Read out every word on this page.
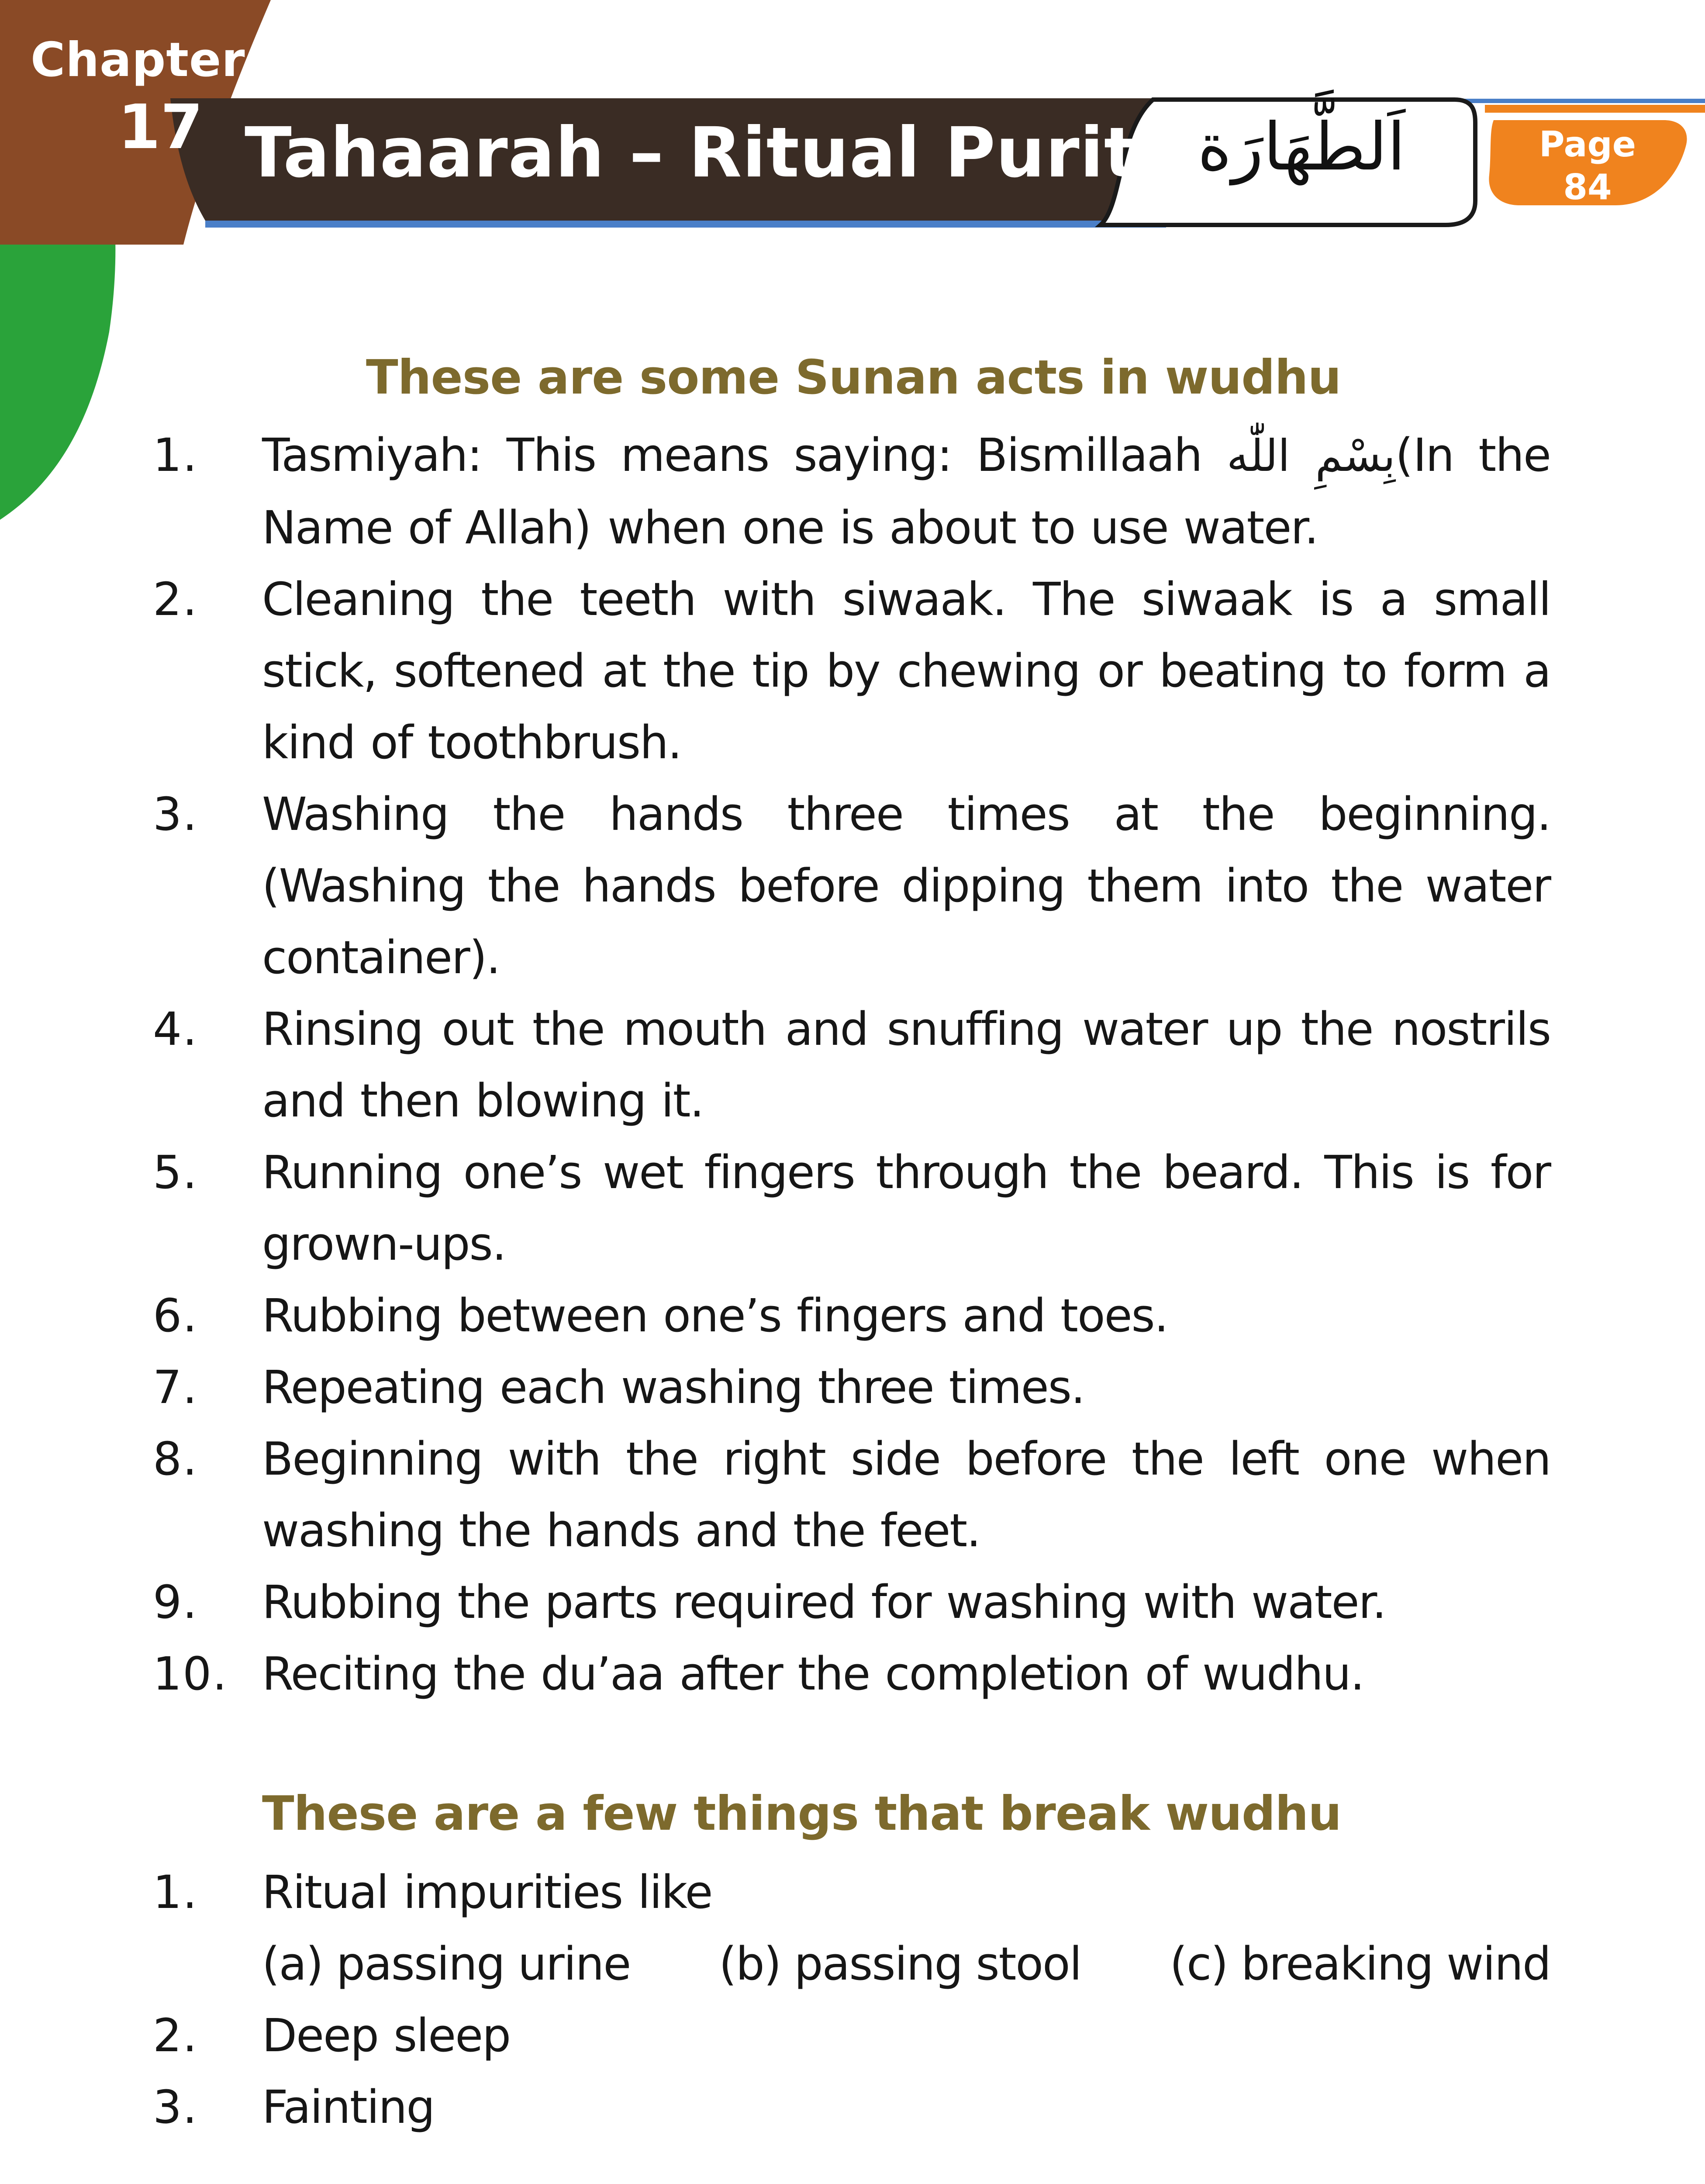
Chapter
17 Tahaarah – Ritual Purity اَلطَّهَارَة	Page
84
These are some Sunan acts in wudhu
1. Tasmiyah: This means saying: Bismillaah بِسْمِ اللّٰه(In the Name of Allah) when one is about to use water.
2. Cleaning the teeth with siwaak. The siwaak is a small stick, softened at the tip by chewing or beating to form a kind of toothbrush.
3. Washing the hands three times at the beginning. (Washing the hands before dipping them into the water container).
4. Rinsing out the mouth and snuffing water up the nostrils and then blowing it.
5. Running one’s wet fingers through the beard. This is for grown-ups.
6. Rubbing between one’s fingers and toes.
7. Repeating each washing three times.
8. Beginning with the right side before the left one when washing the hands and the feet.
9. Rubbing the parts required for washing with water.
10. Reciting the du’aa after the completion of wudhu.
These are a few things that break wudhu
1. Ritual impurities like
(a) passing urine (b) passing stool (c) breaking wind
2. Deep sleep
3. Fainting
